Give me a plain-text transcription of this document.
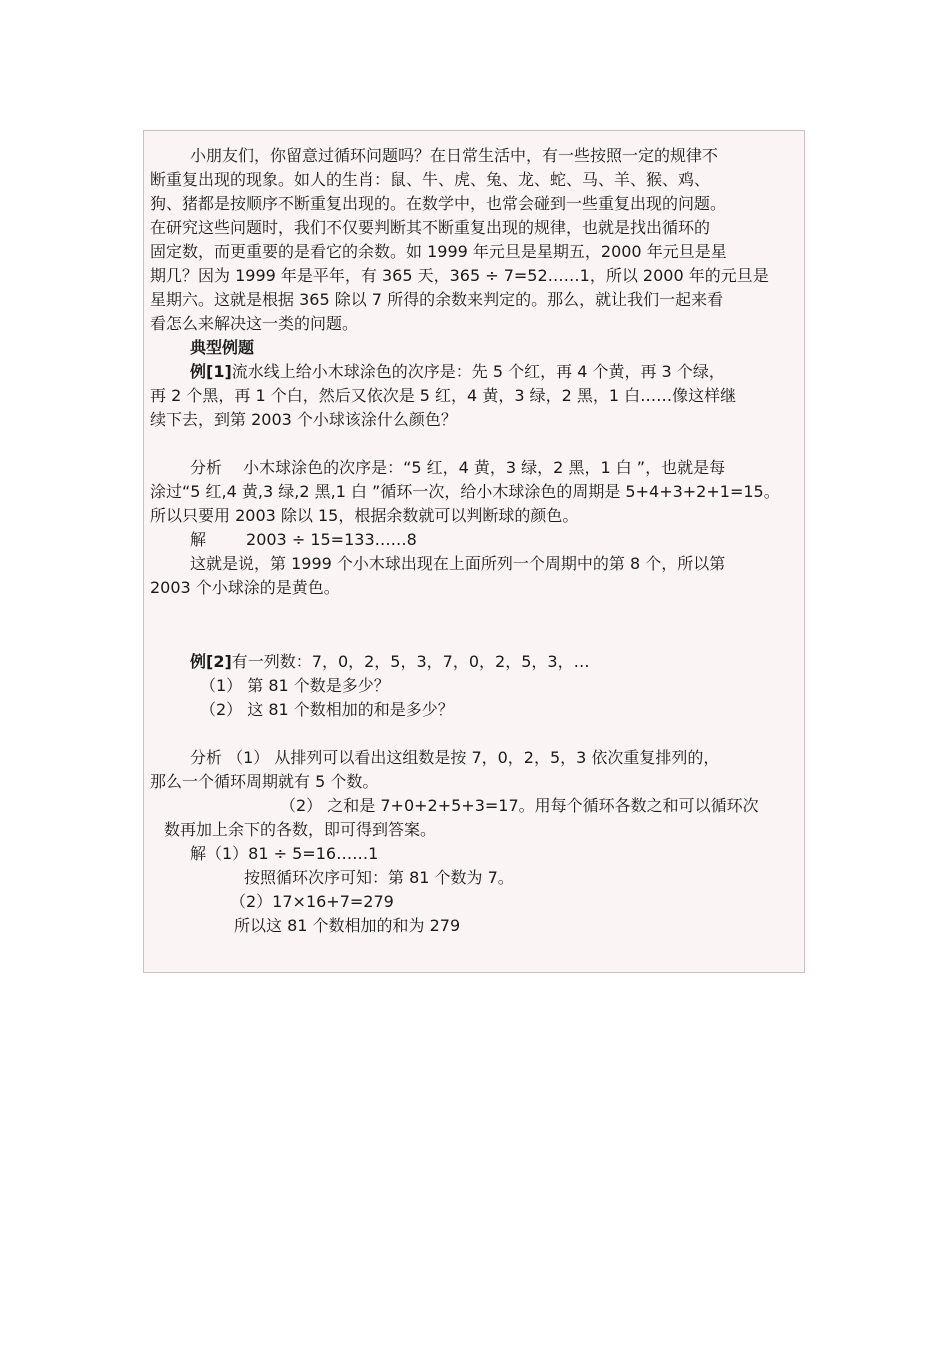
小朋友们，你留意过循环问题吗？在日常生活中，有一些按照一定的规律不
断重复出现的现象。如人的生肖：鼠、牛、虎、兔、龙、蛇、马、羊、猴、鸡、
狗、猪都是按顺序不断重复出现的。在数学中，也常会碰到一些重复出现的问题。
在研究这些问题时，我们不仅要判断其不断重复出现的规律，也就是找出循环的
固定数，而更重要的是看它的余数。如 1999 年元旦是星期五，2000 年元旦是星
期几？因为 1999 年是平年，有 365 天，365 ÷ 7=52……1，所以 2000 年的元旦是
星期六。这就是根据 365 除以 7 所得的余数来判定的。那么，就让我们一起来看
看怎么来解决这一类的问题。
典型例题
例[1]流水线上给小木球涂色的次序是：先 5 个红，再 4 个黄，再 3 个绿，
再 2 个黑，再 1 个白，然后又依次是 5 红，4 黄，3 绿，2 黑，1 白……像这样继
续下去，到第 2003 个小球该涂什么颜色？
分析　 小木球涂色的次序是：“5 红，4 黄，3 绿，2 黑，1 白 ”，也就是每
涂过“5 红,4 黄,3 绿,2 黑,1 白 ”循环一次，给小木球涂色的周期是 5+4+3+2+1=15。
所以只要用 2003 除以 15，根据余数就可以判断球的颜色。
解	2003 ÷ 15=133……8
这就是说，第 1999 个小木球出现在上面所列一个周期中的第 8 个，所以第
2003 个小球涂的是黄色。
例[2]有一列数：7，0，2，5，3，7，0，2，5，3，…
（1） 第 81 个数是多少？
（2） 这 81 个数相加的和是多少？
分析 （1） 从排列可以看出这组数是按 7，0，2，5，3 依次重复排列的，
那么一个循环周期就有 5 个数。
（2） 之和是 7+0+2+5+3=17。用每个循环各数之和可以循环次
数再加上余下的各数，即可得到答案。
解（1）81 ÷ 5=16……1
按照循环次序可知：第 81 个数为 7。
（2）17×16+7=279
所以这 81 个数相加的和为 279
